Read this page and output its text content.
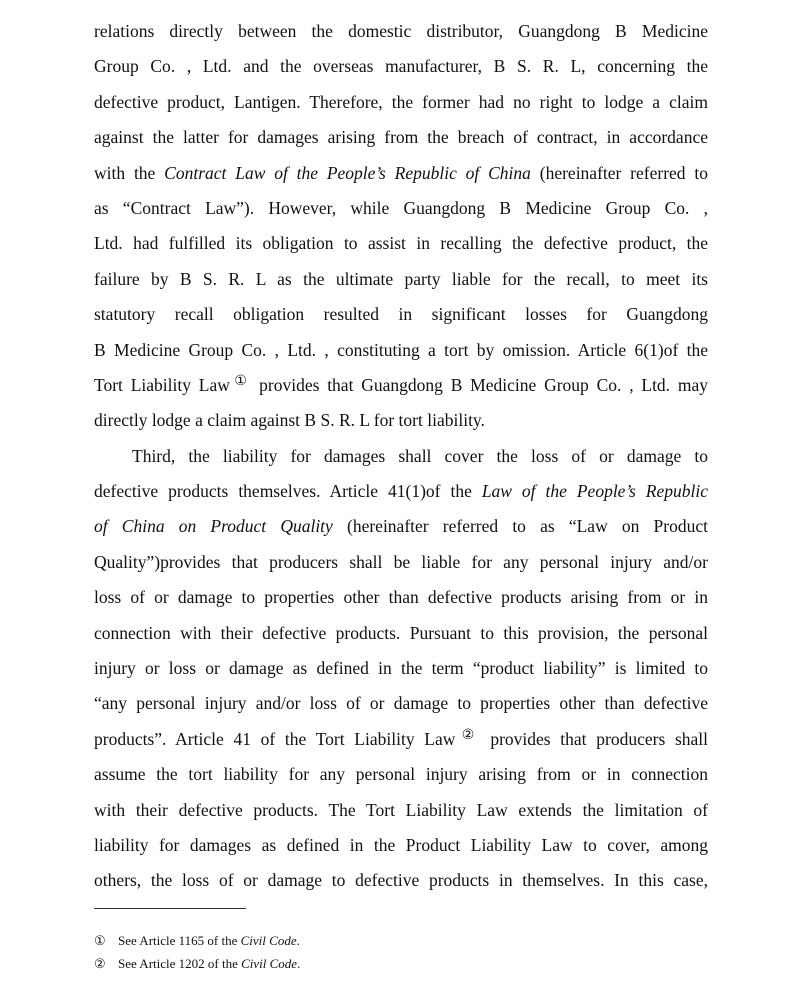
relations directly between the domestic distributor, Guangdong B Medicine
Group Co. , Ltd. and the overseas manufacturer, B S. R. L, concerning the
defective product, Lantigen. Therefore, the former had no right to lodge a claim
against the latter for damages arising from the breach of contract, in accordance
with the Contract Law of the People’s Republic of China (hereinafter referred to
as “Contract Law”). However, while Guangdong B Medicine Group Co. ,
Ltd. had fulfilled its obligation to assist in recalling the defective product, the
failure by B S. R. L as the ultimate party liable for the recall, to meet its
statutory recall obligation resulted in significant losses for Guangdong
B Medicine Group Co. , Ltd. , constituting a tort by omission. Article 6(1)of the
Tort Liability Law① provides that Guangdong B Medicine Group Co. , Ltd. may
directly lodge a claim against B S. R. L for tort liability.
Third, the liability for damages shall cover the loss of or damage to
defective products themselves. Article 41(1)of the Law of the People’s Republic
of China on Product Quality (hereinafter referred to as “Law on Product
Quality”)provides that producers shall be liable for any personal injury and/or
loss of or damage to properties other than defective products arising from or in
connection with their defective products. Pursuant to this provision, the personal
injury or loss or damage as defined in the term “product liability” is limited to
“any personal injury and/or loss of or damage to properties other than defective
products”. Article 41 of the Tort Liability Law② provides that producers shall
assume the tort liability for any personal injury arising from or in connection
with their defective products. The Tort Liability Law extends the limitation of
liability for damages as defined in the Product Liability Law to cover, among
others, the loss of or damage to defective products in themselves. In this case,
① See Article 1165 of the Civil Code.
② See Article 1202 of the Civil Code.
